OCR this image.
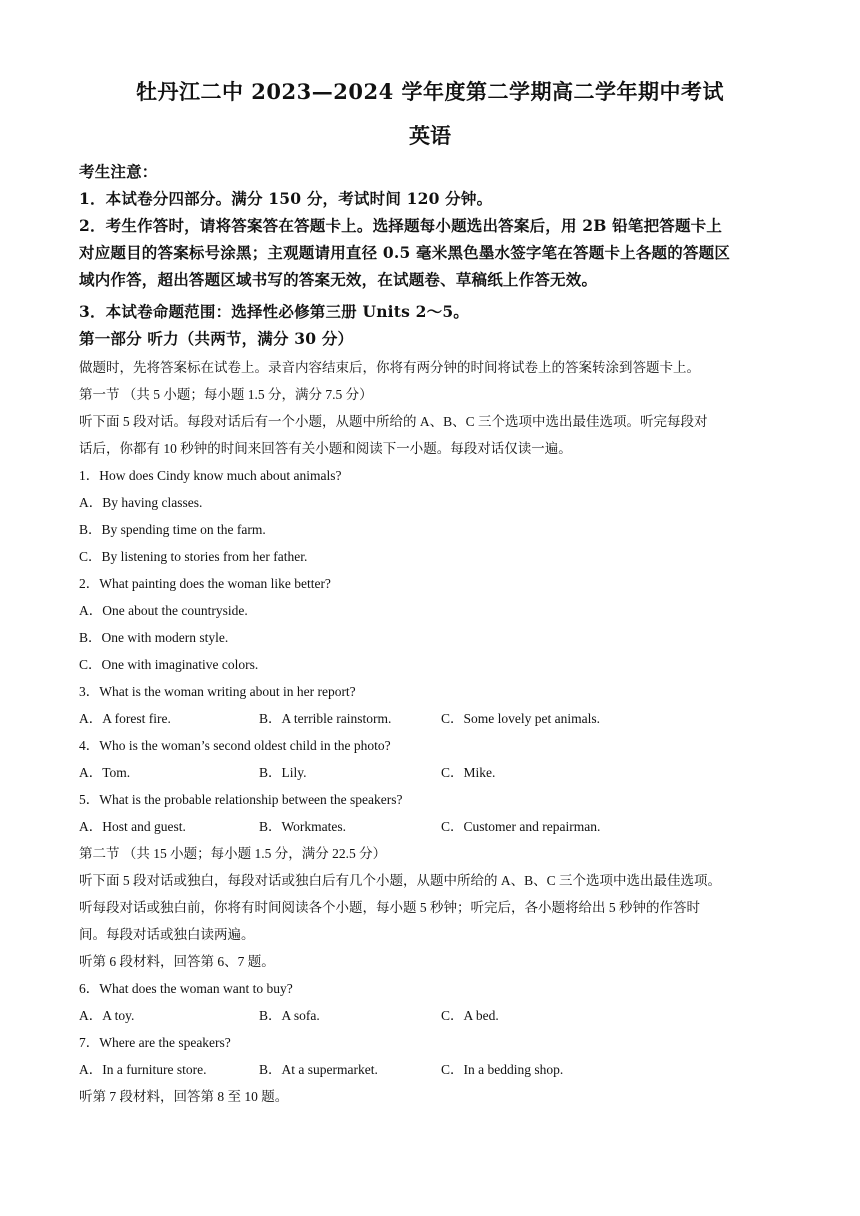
牡丹江二中 2023—2024 学年度第二学期高二学年期中考试
英语
考生注意：
1．本试卷分四部分。满分 150 分，考试时间 120 分钟。
2．考生作答时，请将答案答在答题卡上。选择题每小题选出答案后，用 2B 铅笔把答题卡上
对应题目的答案标号涂黑；主观题请用直径 0.5 毫米黑色墨水签字笔在答题卡上各题的答题区
域内作答，超出答题区域书写的答案无效，在试题卷、草稿纸上作答无效。
3．本试卷命题范围：选择性必修第三册 Units 2～5。
第一部分 听力（共两节，满分 30 分）
做题时，先将答案标在试卷上。录音内容结束后，你将有两分钟的时间将试卷上的答案转涂到答题卡上。
第一节 （共 5 小题；每小题 1.5 分，满分 7.5 分）
听下面 5 段对话。每段对话后有一个小题，从题中所给的 A、B、C 三个选项中选出最佳选项。听完每段对
话后，你都有 10 秒钟的时间来回答有关小题和阅读下一小题。每段对话仅读一遍。
1．How does Cindy know much about animals?
A．By having classes.
B．By spending time on the farm.
C．By listening to stories from her father.
2．What painting does the woman like better?
A．One about the countryside.
B．One with modern style.
C．One with imaginative colors.
3．What is the woman writing about in her report?
A．A forest fire.	B．A terrible rainstorm.	C．Some lovely pet animals.
4．Who is the woman’s second oldest child in the photo?
A．Tom.	B．Lily.	C．Mike.
5．What is the probable relationship between the speakers?
A．Host and guest.	B．Workmates.	C．Customer and repairman.
第二节 （共 15 小题；每小题 1.5 分，满分 22.5 分）
听下面 5 段对话或独白，每段对话或独白后有几个小题，从题中所给的 A、B、C 三个选项中选出最佳选项。
听每段对话或独白前，你将有时间阅读各个小题，每小题 5 秒钟；听完后，各小题将给出 5 秒钟的作答时
间。每段对话或独白读两遍。
听第 6 段材料，回答第 6、7 题。
6．What does the woman want to buy?
A．A toy.	B．A sofa.	C．A bed.
7．Where are the speakers?
A．In a furniture store.	B．At a supermarket.	C．In a bedding shop.
听第 7 段材料，回答第 8 至 10 题。
